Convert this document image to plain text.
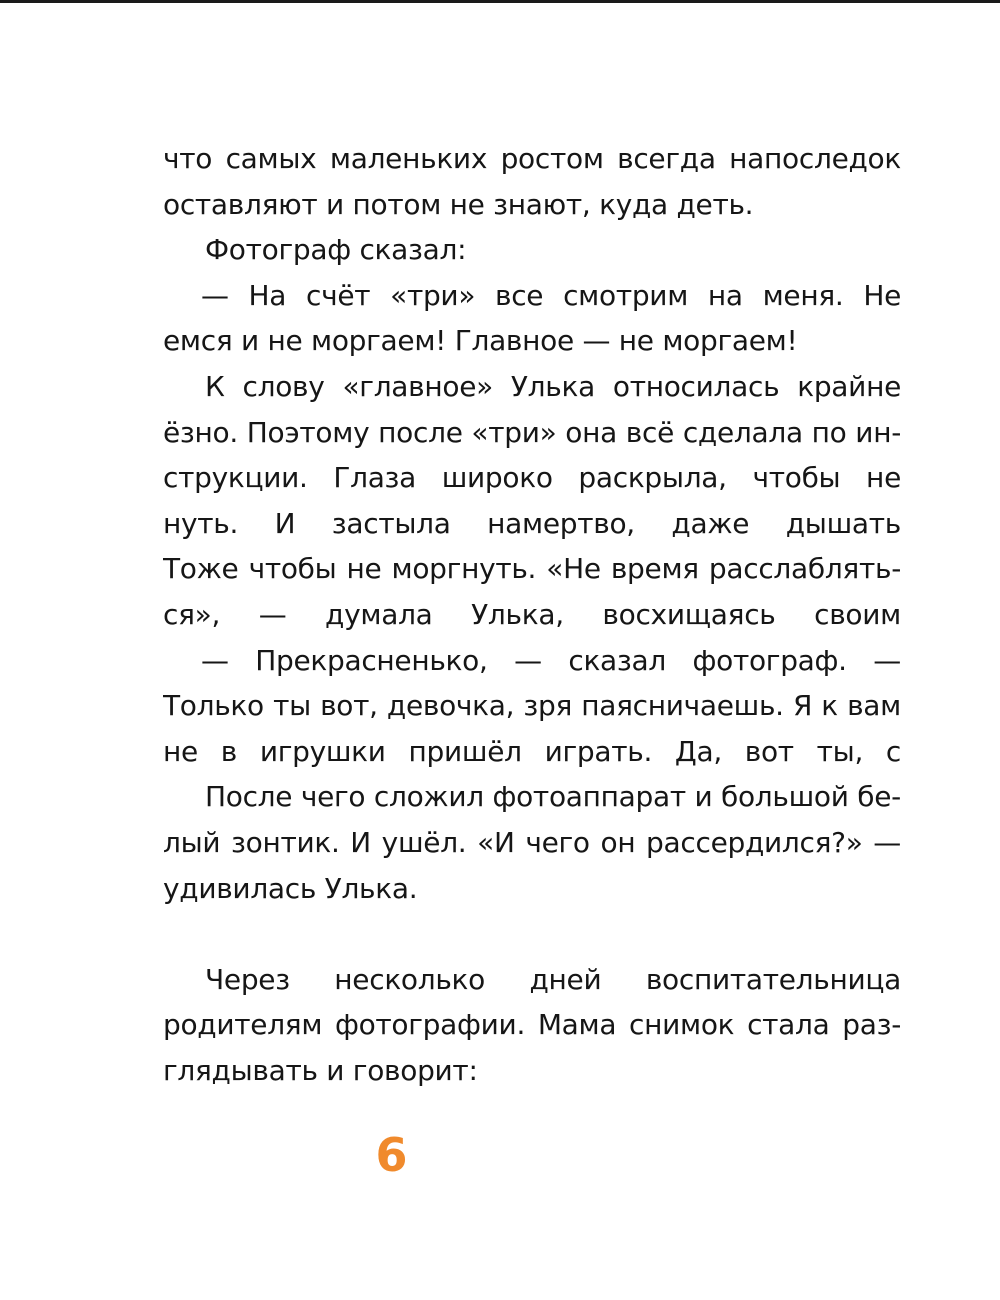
что самых маленьких ростом всегда напоследок
оставляют и потом не знают, куда деть.
Фотограф сказал:
— На счёт «три» все смотрим на меня. Не
емся и не моргаем! Главное — не моргаем!
К слову «главное» Улька относилась крайне
ёзно. Поэтому после «три» она всё сделала по ин-
струкции. Глаза широко раскрыла, чтобы не
нуть. И застыла намертво, даже дышать
Тоже чтобы не моргнуть. «Не время расслаблять-
ся», — думала Улька, восхищаясь своим
— Прекрасненько, — сказал фотограф. —
Только ты вот, девочка, зря паясничаешь. Я к вам
не в игрушки пришёл играть. Да, вот ты, с
После чего сложил фотоаппарат и большой бе-
лый зонтик. И ушёл. «И чего он рассердился?» —
удивилась Улька.
Через несколько дней воспитательница
родителям фотографии. Мама снимок стала раз-
глядывать и говорит:
6
